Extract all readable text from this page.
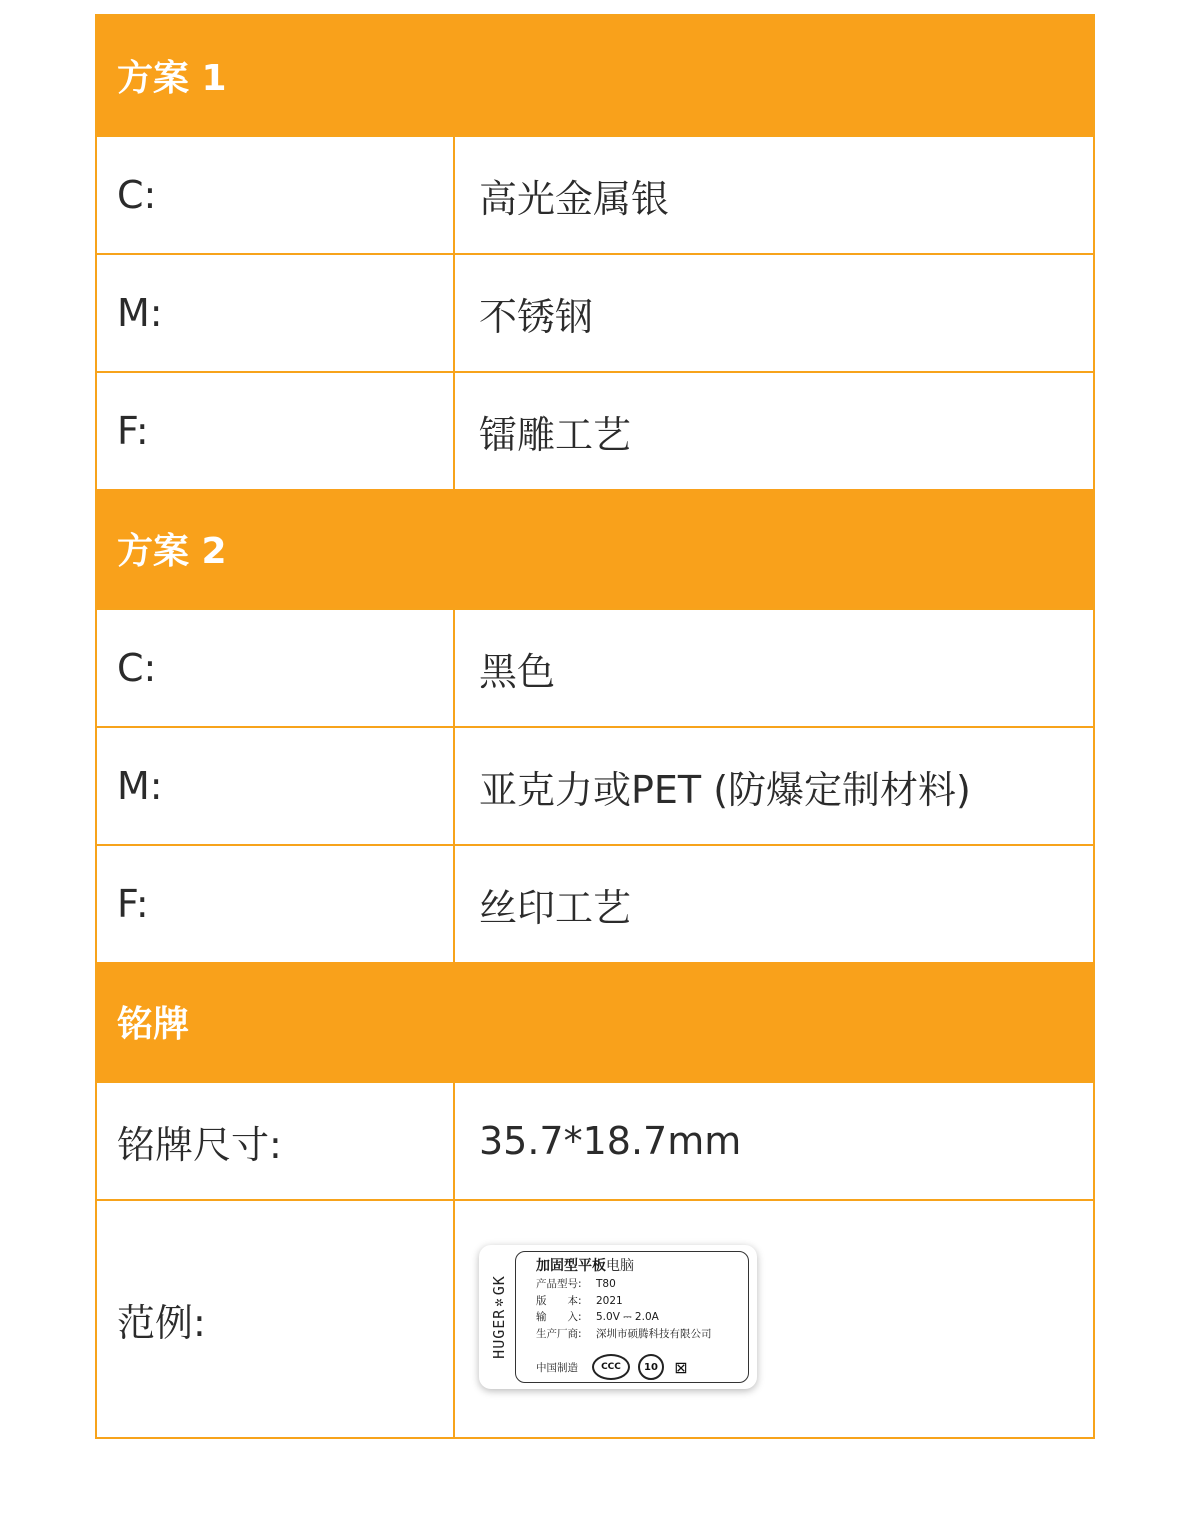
方案 1
C:	高光金属银
M:	不锈钢
F:	镭雕工艺
方案 2
C:	黑色
M:	亚克力或PET (防爆定制材料)
F:	丝印工艺
铭牌
铭牌尺寸:	35.7*18.7mm
范例:	HUGER
✲
GK
加固型平板电脑
产品型号:	T80
版　　本:	2021
输　　入:	5.0V ⎓ 2.0A
生产厂商:	深圳市硕腾科技有限公司
中国制造	CCC	10	⊠
